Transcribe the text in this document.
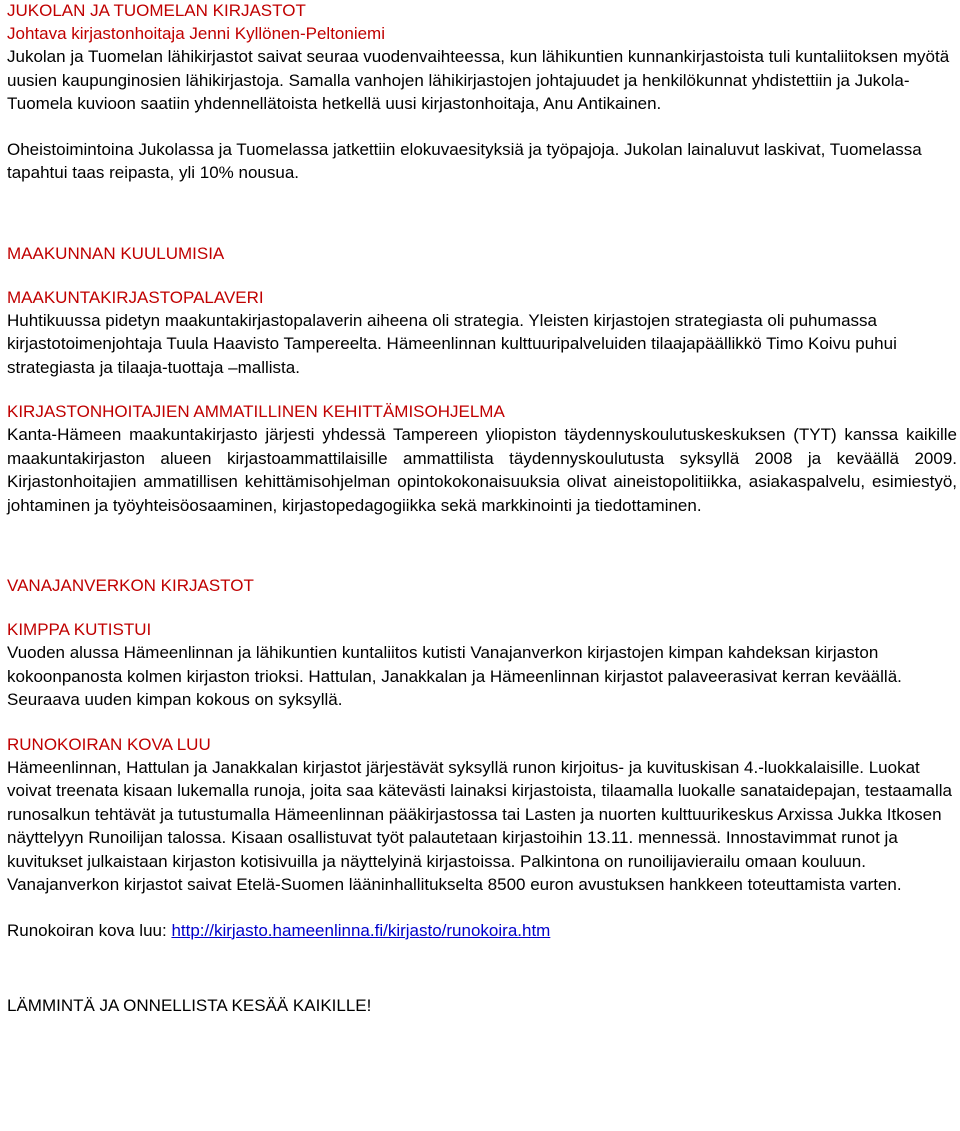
JUKOLAN JA TUOMELAN KIRJASTOT
Johtava kirjastonhoitaja Jenni Kyllönen-Peltoniemi

Jukolan ja Tuomelan lähikirjastot saivat seuraa vuodenvaihteessa, kun lähikuntien kunnankirjastoista tuli kuntaliitoksen myötä uusien kaupunginosien lähikirjastoja. Samalla vanhojen lähikirjastojen johtajuudet ja henkilökunnat yhdistettiin ja Jukola-Tuomela kuvioon saatiin yhdennellätoista hetkellä uusi kirjastonhoitaja, Anu Antikainen.

Oheistoimintoina Jukolassa ja Tuomelassa jatkettiin elokuvaesityksiä ja työpajoja. Jukolan lainaluvut laskivat, Tuomelassa tapahtui taas reipasta, yli 10% nousua.

MAAKUNNAN KUULUMISIA
MAAKUNTAKIRJASTOPALAVERI

Huhtikuussa pidetyn maakuntakirjastopalaverin aiheena oli strategia. Yleisten kirjastojen strategiasta oli puhumassa kirjastotoimenjohtaja Tuula Haavisto Tampereelta. Hämeenlinnan kulttuuripalveluiden tilaajapäällikkö Timo Koivu puhui strategiasta ja tilaaja-tuottaja –mallista.

KIRJASTONHOITAJIEN AMMATILLINEN KEHITTÄMISOHJELMA

Kanta-Hämeen maakuntakirjasto järjesti yhdessä Tampereen yliopiston täydennyskoulutuskeskuksen (TYT) kanssa kaikille maakuntakirjaston alueen kirjastoammattilaisille ammattilista täydennyskoulutusta syksyllä 2008 ja keväällä 2009. Kirjastonhoitajien ammatillisen kehittämisohjelman opintokokonaisuuksia olivat aineistopolitiikka, asiakaspalvelu, esimiestyö, johtaminen ja työyhteisöosaaminen, kirjastopedagogiikka sekä markkinointi ja tiedottaminen.

VANAJANVERKON KIRJASTOT
KIMPPA KUTISTUI

Vuoden alussa Hämeenlinnan ja lähikuntien kuntaliitos kutisti Vanajanverkon kirjastojen kimpan kahdeksan kirjaston kokoonpanosta kolmen kirjaston trioksi. Hattulan, Janakkalan ja Hämeenlinnan kirjastot palaveerasivat kerran keväällä. Seuraava uuden kimpan kokous on syksyllä.

RUNOKOIRAN KOVA LUU

Hämeenlinnan, Hattulan ja Janakkalan kirjastot järjestävät syksyllä runon kirjoitus- ja kuvituskisan 4.-luokkalaisille. Luokat voivat treenata kisaan lukemalla runoja, joita saa kätevästi lainaksi kirjastoista, tilaamalla luokalle sanataidepajan, testaamalla runosalkun tehtävät ja tutustumalla Hämeenlinnan pääkirjastossa tai Lasten ja nuorten kulttuurikeskus Arxissa Jukka Itkosen näyttelyyn Runoilijan talossa. Kisaan osallistuvat työt palautetaan kirjastoihin 13.11. mennessä. Innostavimmat runot ja kuvitukset julkaistaan kirjaston kotisivuilla ja näyttelyinä kirjastoissa. Palkintona on runoilijavierailu omaan kouluun. Vanajanverkon kirjastot saivat Etelä-Suomen lääninhallitukselta 8500 euron avustuksen hankkeen toteuttamista varten.

Runokoiran kova luu: http://kirjasto.hameenlinna.fi/kirjasto/runokoira.htm

LÄMMINTÄ JA ONNELLISTA KESÄÄ KAIKILLE!
